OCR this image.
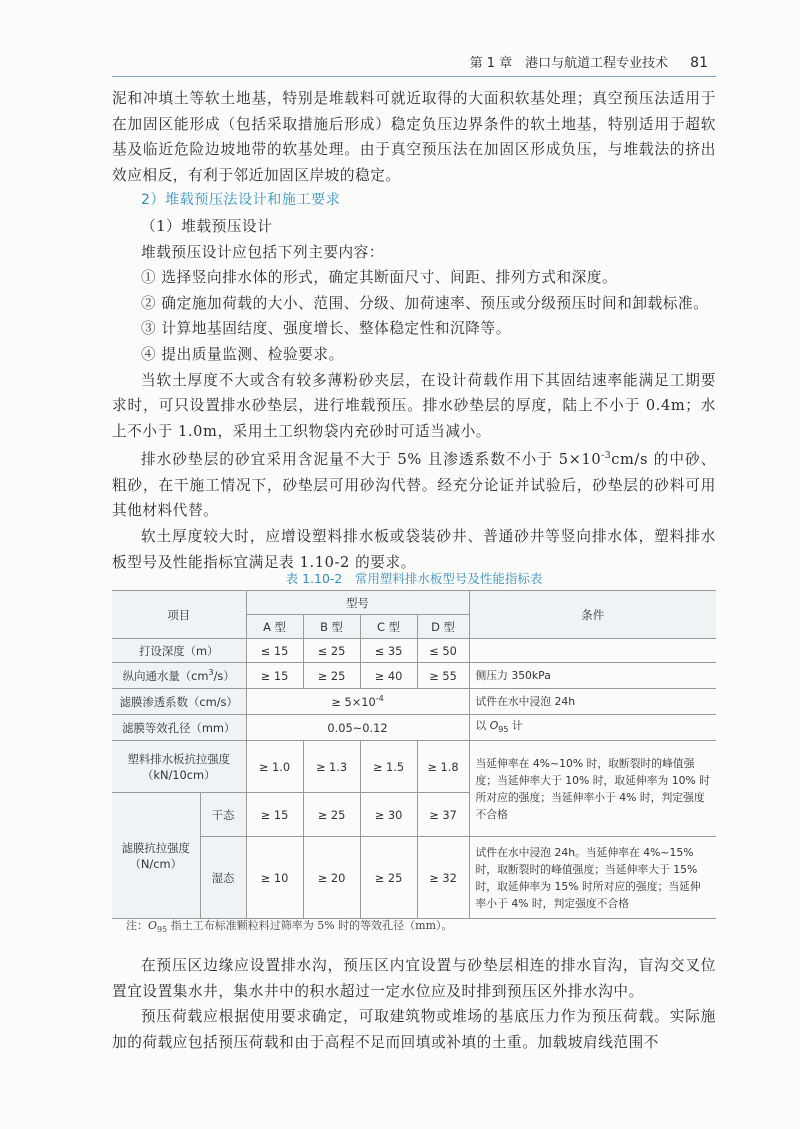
第 1 章　港口与航道工程专业技术 81

泥和冲填土等软土地基，特别是堆载料可就近取得的大面积软基处理；真空预压法适用于在加固区能形成（包括采取措施后形成）稳定负压边界条件的软土地基，特别适用于超软基及临近危险边坡地带的软基处理。由于真空预压法在加固区形成负压，与堆载法的挤出效应相反，有利于邻近加固区岸坡的稳定。

2）堆载预压法设计和施工要求

（1）堆载预压设计

堆载预压设计应包括下列主要内容：

① 选择竖向排水体的形式，确定其断面尺寸、间距、排列方式和深度。

② 确定施加荷载的大小、范围、分级、加荷速率、预压或分级预压时间和卸载标准。

③ 计算地基固结度、强度增长、整体稳定性和沉降等。

④ 提出质量监测、检验要求。

当软土厚度不大或含有较多薄粉砂夹层，在设计荷载作用下其固结速率能满足工期要求时，可只设置排水砂垫层，进行堆载预压。排水砂垫层的厚度，陆上不小于 0.4m；水上不小于 1.0m，采用土工织物袋内充砂时可适当减小。

排水砂垫层的砂宜采用含泥量不大于 5% 且渗透系数不小于 $5\times 10^{-3}cm/s$ 的中砂、粗砂，在干施工情况下，砂垫层可用砂沟代替。经充分论证并试验后，砂垫层的砂料可用其他材料代替。

软土厚度较大时，应增设塑料排水板或袋装砂井、普通砂井等竖向排水体，塑料排水板型号及性能指标宜满足表 1.10-2 的要求。

表 1.10-2　常用塑料排水板型号及性能指标表
项目		型号				条件
		A 型	B 型	C 型	D 型	
打设深度（m）		≤ 15	≤ 25	≤ 35	≤ 50	
纵向通水量$(cm^3/s)$		≥ 15	≥ 25	≥ 40	≥ 55	侧压力 350kPa
滤膜渗透系数（cm/s）		≥ $5\times 10^{-4}$				试件在水中浸泡 24h
滤膜等效孔径（mm）		0.05~0.12				以 $O_{95}$ 计
塑料排水板抗拉强度
（kN/10cm）		≥ 1.0	≥ 1.3	≥ 1.5	≥ 1.8	当延伸率在 4%~10% 时，取断裂时的峰值强度；当延伸率大于 10% 时，取延伸率为 10% 时所对应的强度；当延伸率小于 4% 时，判定强度不合格
滤膜抗拉强度
（N/cm）	干态	≥ 15	≥ 25	≥ 30	≥ 37	
	湿态	≥ 10	≥ 20	≥ 25	≥ 32	试件在水中浸泡 24h。当延伸率在 4%~15% 时，取断裂时的峰值强度；当延伸率大于 15% 时，取延伸率为 15% 时所对应的强度；当延伸率小于 4% 时，判定强度不合格
注：$O_{95}$ 指土工布标准颗粒料过筛率为 5% 时的等效孔径（mm）。

在预压区边缘应设置排水沟，预压区内宜设置与砂垫层相连的排水盲沟，盲沟交叉位置宜设置集水井，集水井中的积水超过一定水位应及时排到预压区外排水沟中。

预压荷载应根据使用要求确定，可取建筑物或堆场的基底压力作为预压荷载。实际施加的荷载应包括预压荷载和由于高程不足而回填或补填的土重。加载坡肩线范围不
